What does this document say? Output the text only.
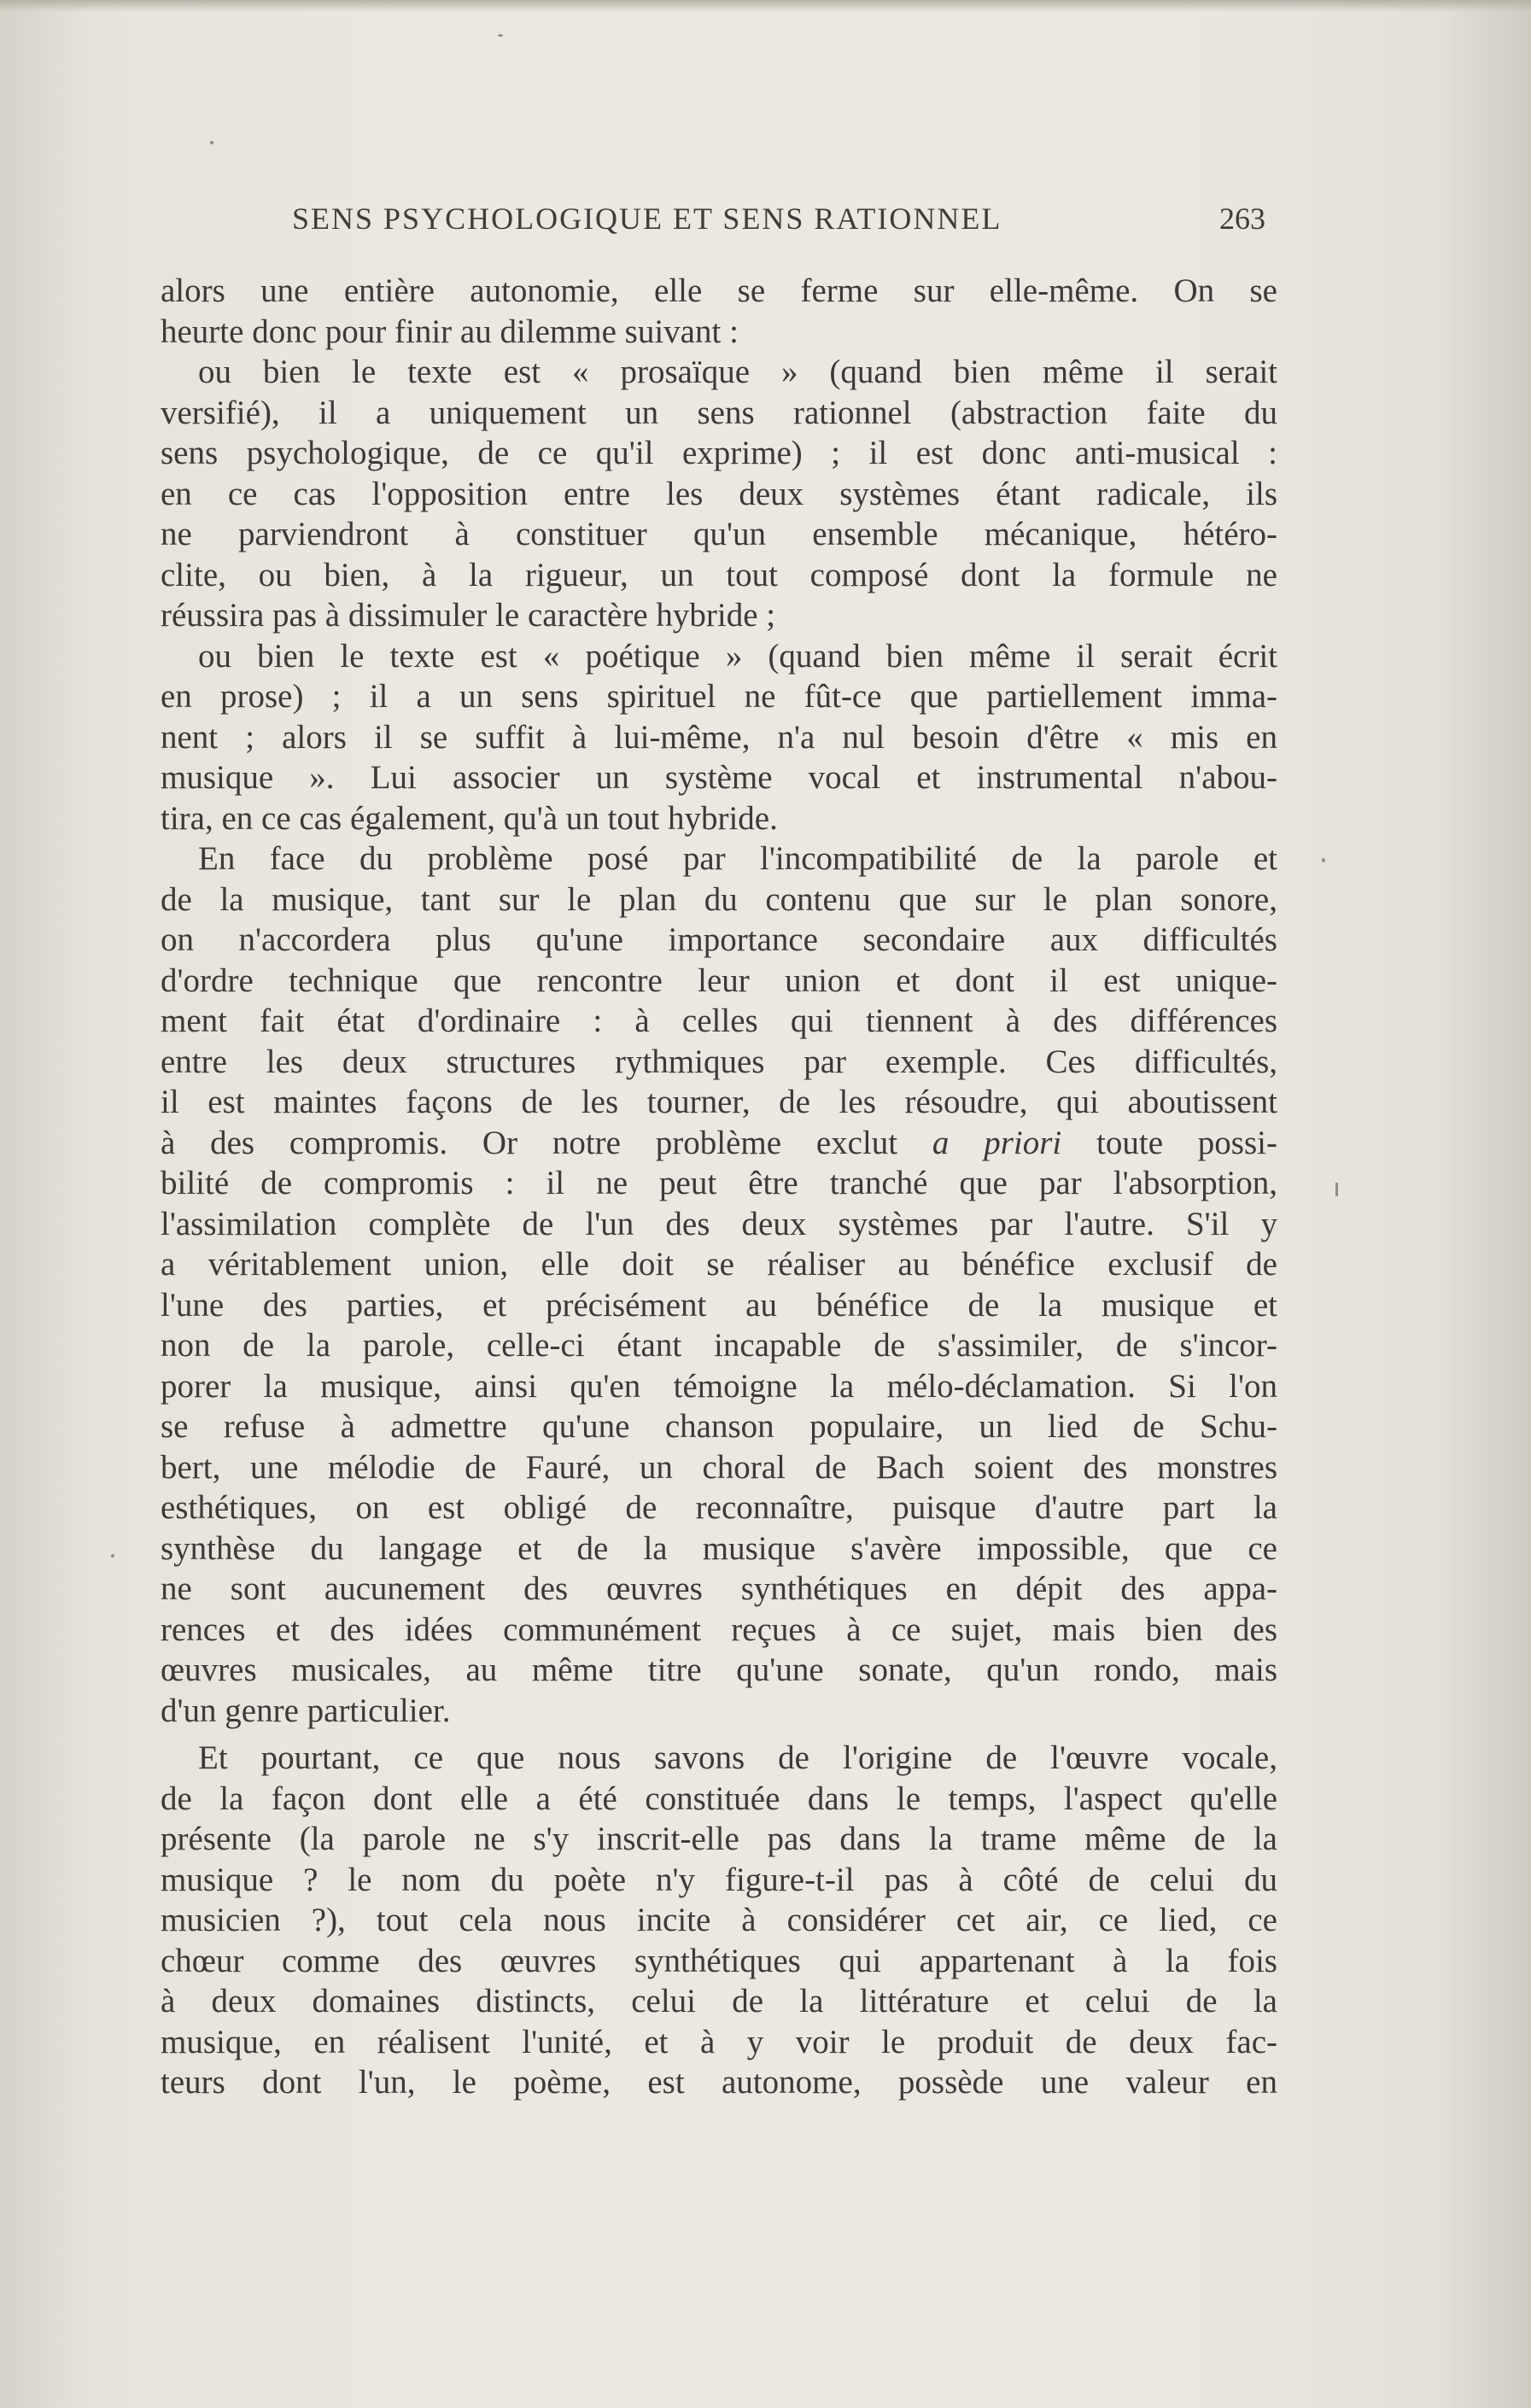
SENS PSYCHOLOGIQUE ET SENS RATIONNEL	263
alors une entière autonomie, elle se ferme sur elle-même. On se
heurte donc pour finir au dilemme suivant :
ou bien le texte est « prosaïque » (quand bien même il serait
versifié), il a uniquement un sens rationnel (abstraction faite du
sens psychologique, de ce qu'il exprime) ; il est donc anti-musical :
en ce cas l'opposition entre les deux systèmes étant radicale, ils
ne parviendront à constituer qu'un ensemble mécanique, hétéro-
clite, ou bien, à la rigueur, un tout composé dont la formule ne
réussira pas à dissimuler le caractère hybride ;
ou bien le texte est « poétique » (quand bien même il serait écrit
en prose) ; il a un sens spirituel ne fût-ce que partiellement imma-
nent ; alors il se suffit à lui-même, n'a nul besoin d'être « mis en
musique ». Lui associer un système vocal et instrumental n'abou-
tira, en ce cas également, qu'à un tout hybride.
En face du problème posé par l'incompatibilité de la parole et
de la musique, tant sur le plan du contenu que sur le plan sonore,
on n'accordera plus qu'une importance secondaire aux difficultés
d'ordre technique que rencontre leur union et dont il est unique-
ment fait état d'ordinaire : à celles qui tiennent à des différences
entre les deux structures rythmiques par exemple. Ces difficultés,
il est maintes façons de les tourner, de les résoudre, qui aboutissent
à des compromis. Or notre problème exclut a priori toute possi-
bilité de compromis : il ne peut être tranché que par l'absorption,
l'assimilation complète de l'un des deux systèmes par l'autre. S'il y
a véritablement union, elle doit se réaliser au bénéfice exclusif de
l'une des parties, et précisément au bénéfice de la musique et
non de la parole, celle-ci étant incapable de s'assimiler, de s'incor-
porer la musique, ainsi qu'en témoigne la mélo-déclamation. Si l'on
se refuse à admettre qu'une chanson populaire, un lied de Schu-
bert, une mélodie de Fauré, un choral de Bach soient des monstres
esthétiques, on est obligé de reconnaître, puisque d'autre part la
synthèse du langage et de la musique s'avère impossible, que ce
ne sont aucunement des œuvres synthétiques en dépit des appa-
rences et des idées communément reçues à ce sujet, mais bien des
œuvres musicales, au même titre qu'une sonate, qu'un rondo, mais
d'un genre particulier.
Et pourtant, ce que nous savons de l'origine de l'œuvre vocale,
de la façon dont elle a été constituée dans le temps, l'aspect qu'elle
présente (la parole ne s'y inscrit-elle pas dans la trame même de la
musique ? le nom du poète n'y figure-t-il pas à côté de celui du
musicien ?), tout cela nous incite à considérer cet air, ce lied, ce
chœur comme des œuvres synthétiques qui appartenant à la fois
à deux domaines distincts, celui de la littérature et celui de la
musique, en réalisent l'unité, et à y voir le produit de deux fac-
teurs dont l'un, le poème, est autonome, possède une valeur en
